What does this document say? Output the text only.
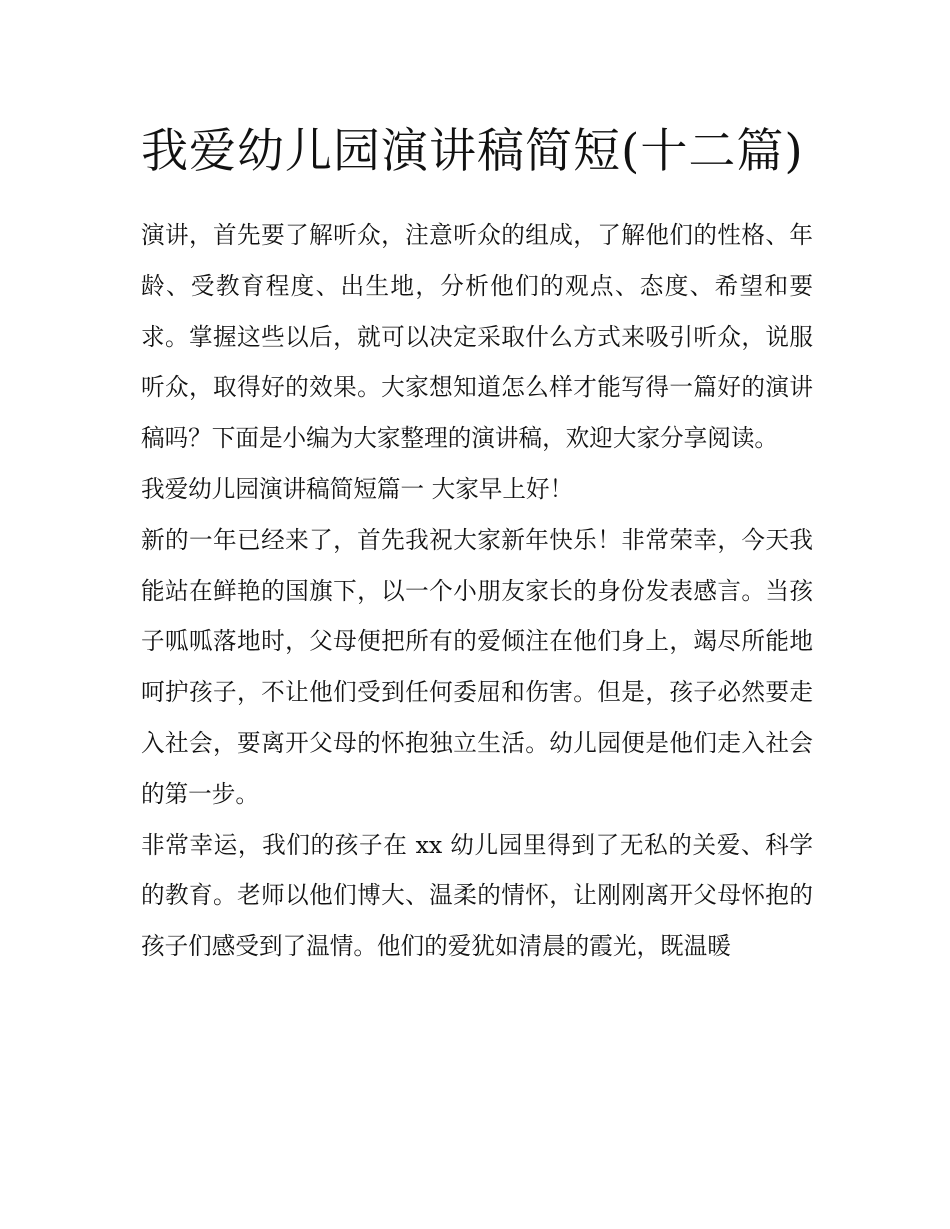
我爱幼儿园演讲稿简短(十二篇)

演讲，首先要了解听众，注意听众的组成，了解他们的性格、年龄、受教育程度、出生地，分析他们的观点、态度、希望和要求。掌握这些以后，就可以决定采取什么方式来吸引听众，说服听众，取得好的效果。大家想知道怎么样才能写得一篇好的演讲稿吗？下面是小编为大家整理的演讲稿，欢迎大家分享阅读。

我爱幼儿园演讲稿简短篇一 大家早上好！

新的一年已经来了，首先我祝大家新年快乐！非常荣幸，今天我能站在鲜艳的国旗下，以一个小朋友家长的身份发表感言。当孩子呱呱落地时，父母便把所有的爱倾注在他们身上，竭尽所能地呵护孩子，不让他们受到任何委屈和伤害。但是，孩子必然要走入社会，要离开父母的怀抱独立生活。幼儿园便是他们走入社会的第一步。

非常幸运，我们的孩子在 xx 幼儿园里得到了无私的关爱、科学的教育。老师以他们博大、温柔的情怀，让刚刚离开父母怀抱的孩子们感受到了温情。他们的爱犹如清晨的霞光，既温暖
